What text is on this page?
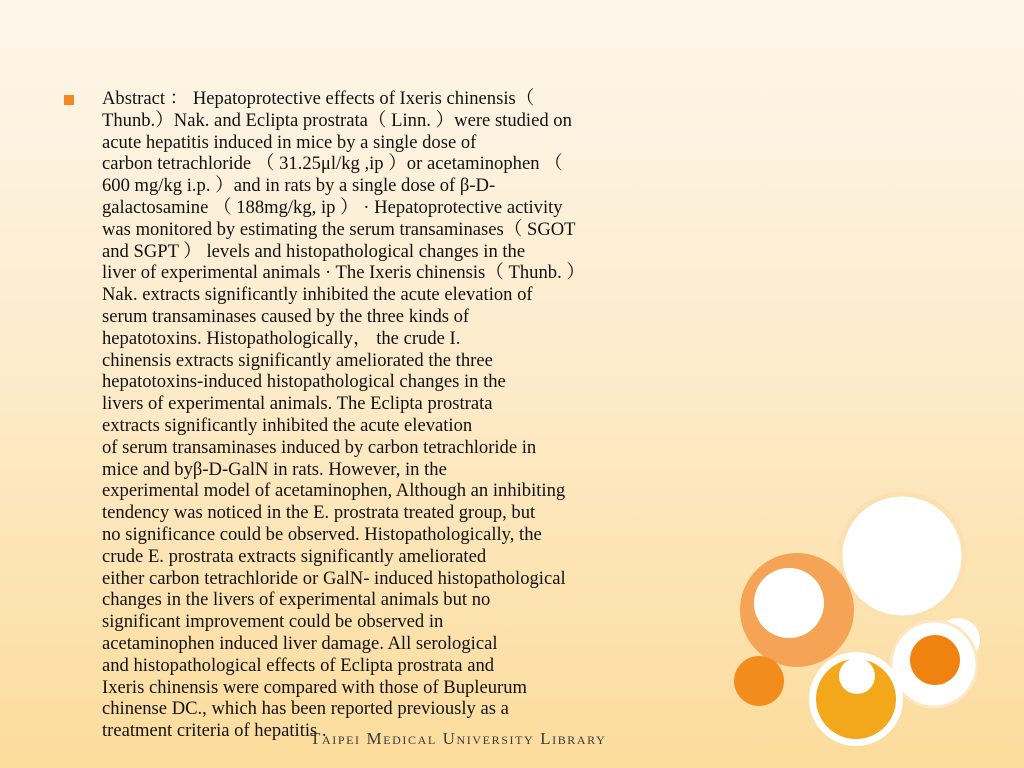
Abstract ： Hepatoprotective effects of Ixeris chinensis（
Thunb.）Nak. and Eclipta prostrata（ Linn. ）were studied on
acute hepatitis induced in mice by a single dose of
carbon tetrachloride （ 31.25μl/kg ,ip ）or acetaminophen （
600 mg/kg i.p. ）and in rats by a single dose of β-D-
galactosamine （ 188mg/kg, ip ） · Hepatoprotective activity
was monitored by estimating the serum transaminases（ SGOT
and SGPT ） levels and histopathological changes in the
liver of experimental animals · The Ixeris chinensis（ Thunb. ）
Nak. extracts significantly inhibited the acute elevation of
serum transaminases caused by the three kinds of
hepatotoxins. Histopathologically， the crude I.
chinensis extracts significantly ameliorated the three
hepatotoxins-induced histopathological changes in the
livers of experimental animals. The Eclipta prostrata
extracts significantly inhibited the acute elevation
of serum transaminases induced by carbon tetrachloride in
mice and byβ-D-GalN in rats. However, in the
experimental model of acetaminophen, Although an inhibiting
tendency was noticed in the E. prostrata treated group, but
no significance could be observed. Histopathologically, the
crude E. prostrata extracts significantly ameliorated
either carbon tetrachloride or GalN- induced histopathological
changes in the livers of experimental animals but no
significant improvement could be observed in
acetaminophen induced liver damage. All serological
and histopathological effects of Eclipta prostrata and
Ixeris chinensis were compared with those of Bupleurum
chinense DC., which has been reported previously as a
treatment criteria of hepatitis .
Taipei Medical University Library
